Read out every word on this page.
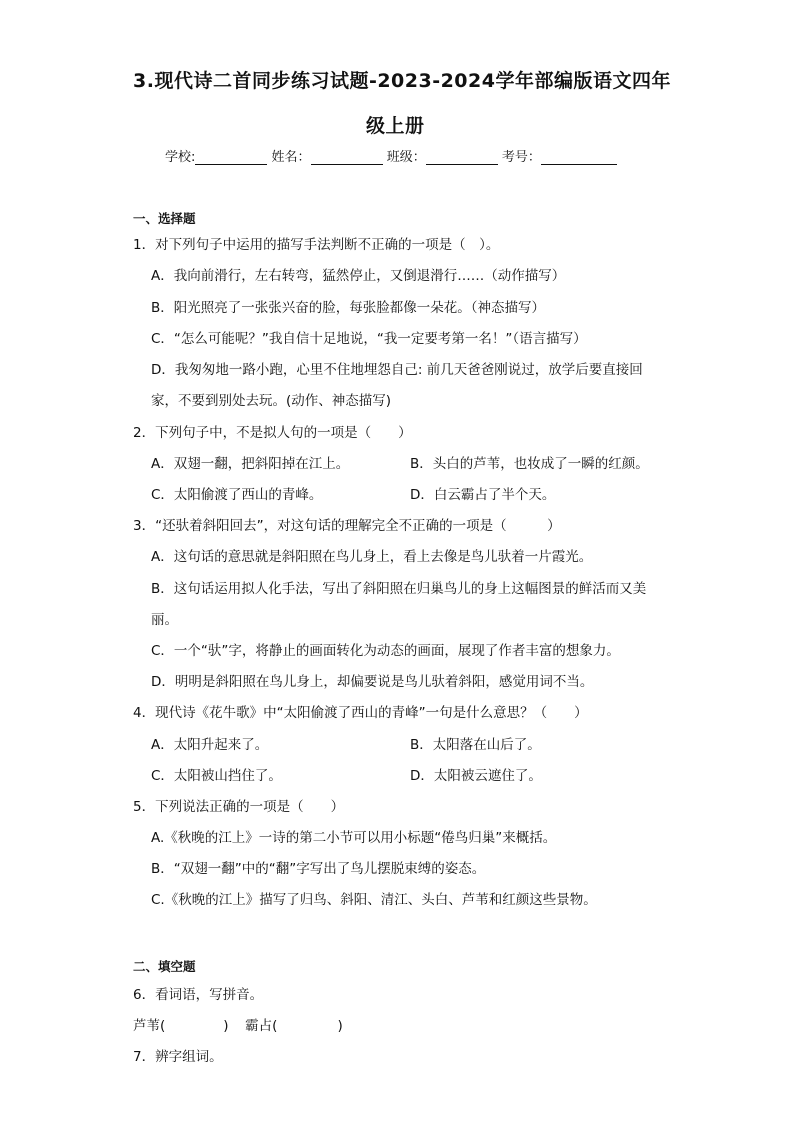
3.现代诗二首同步练习试题-2023-2024学年部编版语文四年
级上册
学校:	姓名：	班级：	考号：
一、选择题
1．对下列句子中运用的描写手法判断不正确的一项是（　）。
A．我向前滑行，左右转弯，猛然停止，又倒退滑行……（动作描写）
B．阳光照亮了一张张兴奋的脸，每张脸都像一朵花。（神态描写）
C．“怎么可能呢？”我自信十足地说，“我一定要考第一名！”（语言描写）
D．我匆匆地一路小跑，心里不住地埋怨自己: 前几天爸爸刚说过，放学后要直接回
家，不要到别处去玩。(动作、神态描写)
2．下列句子中，不是拟人句的一项是（　　）
A．双翅一翻，把斜阳掉在江上。	B．头白的芦苇，也妆成了一瞬的红颜。
C．太阳偷渡了西山的青峰。	D．白云霸占了半个天。
3．“还驮着斜阳回去”，对这句话的理解完全不正确的一项是（　　　）
A．这句话的意思就是斜阳照在鸟儿身上，看上去像是鸟儿驮着一片霞光。
B．这句话运用拟人化手法，写出了斜阳照在归巢鸟儿的身上这幅图景的鲜活而又美
丽。
C．一个“驮”字，将静止的画面转化为动态的画面，展现了作者丰富的想象力。
D．明明是斜阳照在鸟儿身上，却偏要说是鸟儿驮着斜阳，感觉用词不当。
4．现代诗《花牛歌》中“太阳偷渡了西山的青峰”一句是什么意思？（　　）
A．太阳升起来了。	B．太阳落在山后了。
C．太阳被山挡住了。	D．太阳被云遮住了。
5．下列说法正确的一项是（　　）
A.《秋晚的江上》一诗的第二小节可以用小标题“倦鸟归巢”来概括。
B．“双翅一翻”中的“翻”字写出了鸟儿摆脱束缚的姿态。
C.《秋晚的江上》描写了归鸟、斜阳、清江、头白、芦苇和红颜这些景物。
二、填空题
6．看词语，写拼音。
芦苇(	) 霸占(	)
7．辨字组词。
